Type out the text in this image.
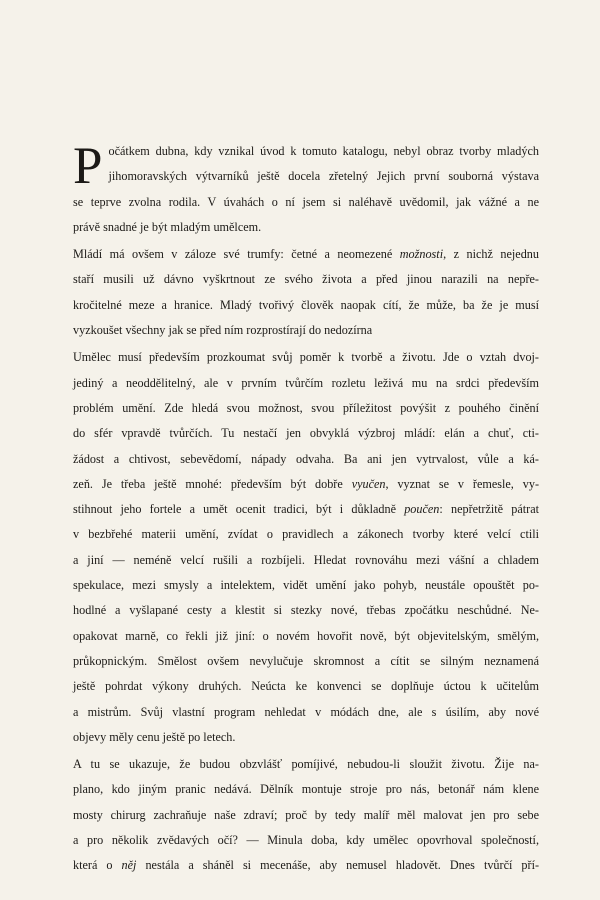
P očátkem dubna, kdy vznikal úvod k tomuto katalogu, nebyl obraz tvorby mladých
jihomoravských výtvarníků ještě docela zřetelný Jejich první souborná výstava
se teprve zvolna rodila. V úvahách o ní jsem si naléhavě uvědomil, jak vážné a ne
právě snadné je být mladým umělcem.

Mládí má ovšem v záloze své trumfy: četné a neomezené možnosti, z nichž nejednu
staří musili už dávno vyškrtnout ze svého života a před jinou narazili na nepře-
kročitelné meze a hranice. Mladý tvořivý člověk naopak cítí, že může, ba že je musí
vyzkoušet všechny jak se před ním rozprostírají do nedozírna

Umělec musí především prozkoumat svůj poměr k tvorbě a životu. Jde o vztah dvoj-
jediný a neoddělitelný, ale v prvním tvůrčím rozletu leživá mu na srdci především
problém umění. Zde hledá svou možnost, svou příležitost povýšit z pouhého činění
do sfér vpravdě tvůrčích. Tu nestačí jen obvyklá výzbroj mládí: elán a chuť, cti-
žádost a chtivost, sebevědomí, nápady odvaha. Ba ani jen vytrvalost, vůle a ká-
zeň. Je třeba ještě mnohé: především být dobře vyučen, vyznat se v řemesle, vy-
stihnout jeho fortele a umět ocenit tradici, být i důkladně poučen: nepřetržitě pátrat
v bezbřehé materii umění, zvídat o pravidlech a zákonech tvorby které velcí ctili
a jiní — neméně velcí rušili a rozbíjeli. Hledat rovnováhu mezi vášní a chladem
spekulace, mezi smysly a intelektem, vidět umění jako pohyb, neustále opouštět po-
hodlné a vyšlapané cesty a klestit si stezky nové, třebas zpočátku neschůdné. Ne-
opakovat marně, co řekli již jiní: o novém hovořit nově, být objevitelským, smělým,
průkopnickým. Smělost ovšem nevylučuje skromnost a cítit se silným neznamená
ještě pohrdat výkony druhých. Neúcta ke konvenci se doplňuje úctou k učitelům
a mistrům. Svůj vlastní program nehledat v módách dne, ale s úsilím, aby nové
objevy měly cenu ještě po letech.

A tu se ukazuje, že budou obzvlášť pomíjivé, nebudou-li sloužit životu. Žije na-
plano, kdo jiným pranic nedává. Dělník montuje stroje pro nás, betonář nám klene
mosty chirurg zachraňuje naše zdraví; proč by tedy malíř měl malovat jen pro sebe
a pro několik zvědavých očí? — Minula doba, kdy umělec opovrhoval společností,
která o něj nestála a sháněl si mecenáše, aby nemusel hladovět. Dnes tvůrčí pří-
